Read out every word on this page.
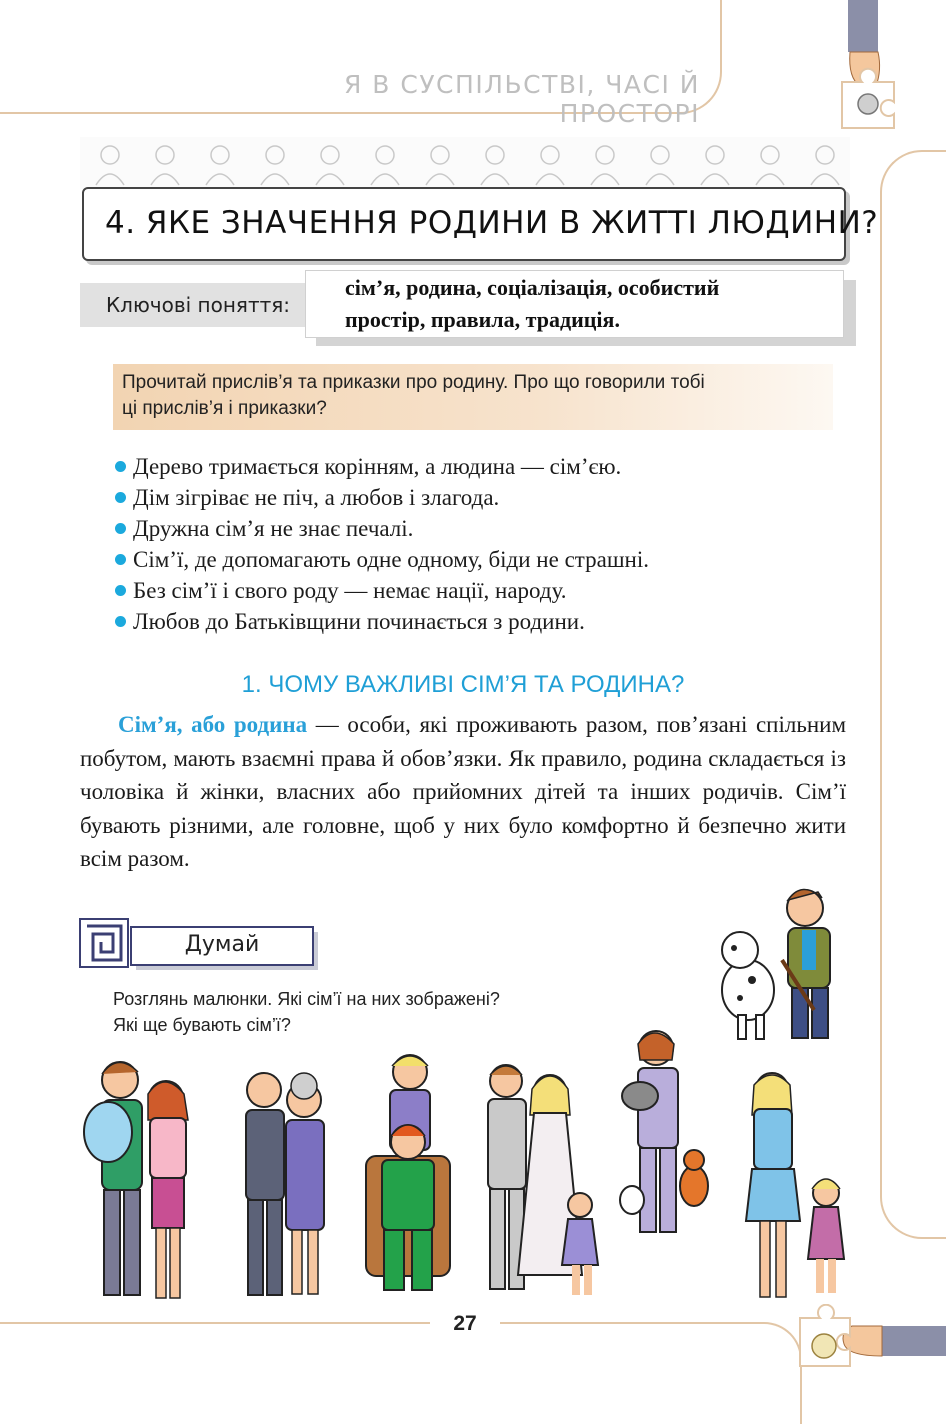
Я В СУСПІЛЬСТВІ, ЧАСІ Й ПРОСТОРІ
4. ЯКЕ ЗНАЧЕННЯ РОДИНИ В ЖИТТІ ЛЮДИНИ?
Ключові поняття:
сім’я, родина, соціалізація, особистий
простір, правила, традиція.
Прочитай прислів’я та приказки про родину. Про що говорили тобі
ці прислів’я і приказки?
Дерево тримається корінням, а людина — сім’єю.
Дім зігріває не піч, а любов і злагода.
Дружна сім’я не знає печалі.
Сім’ї, де допомагають одне одному, біди не страшні.
Без сім’ї і свого роду — немає нації, народу.
Любов до Батьківщини починається з родини.
1. ЧОМУ ВАЖЛИВІ СІМ’Я ТА РОДИНА?
Сім’я, або родина — особи, які проживають разом, пов’язані спільним побутом, мають взаємні права й обов’язки. Як правило, родина складається із чоловіка й жінки, власних або прийомних дітей та інших родичів. Сім’ї бувають різними, але головне, щоб у них було комфортно й безпечно жити всім разом.
Думай
Розглянь малюнки. Які сім’ї на них зображені?
Які ще бувають сім’ї?
27
